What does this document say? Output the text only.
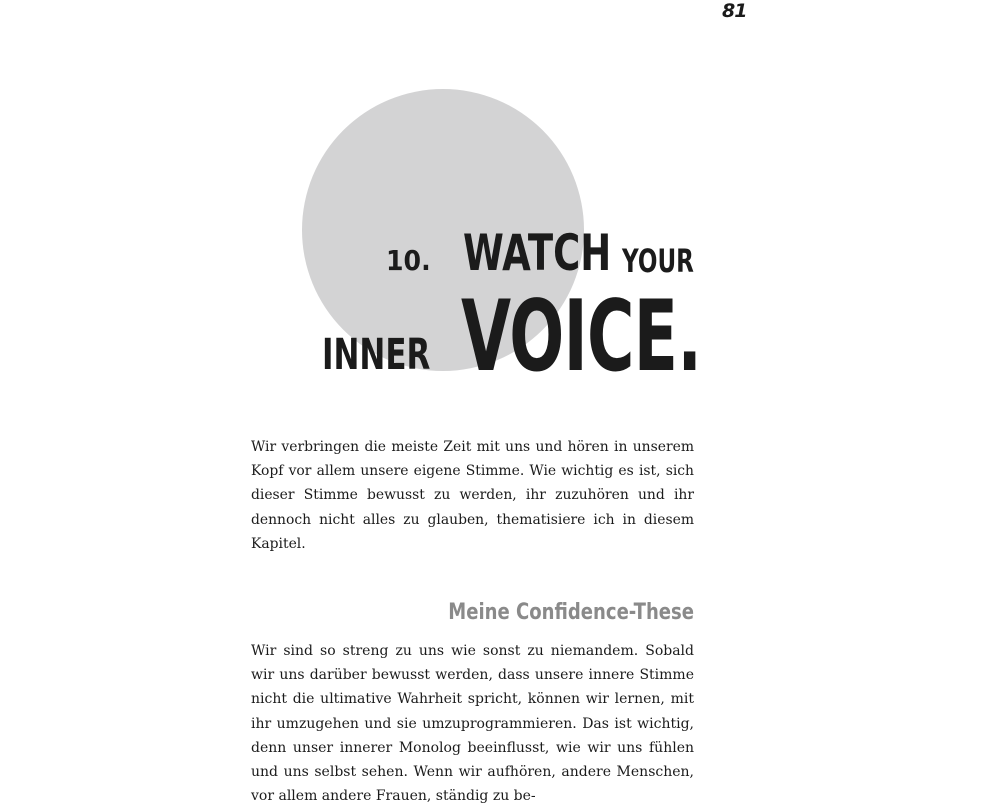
81
10. WATCH YOUR
INNER VOICE.

Wir verbringen die meiste Zeit mit uns und hören in unserem Kopf vor allem unsere eigene Stimme. Wie wichtig es ist, sich dieser Stimme bewusst zu werden, ihr zuzuhören und ihr dennoch nicht alles zu glauben, thematisiere ich in diesem Kapitel.

Meine Confidence-These

Wir sind so streng zu uns wie sonst zu niemandem. Sobald wir uns darüber bewusst werden, dass unsere innere Stimme nicht die ultimative Wahrheit spricht, können wir lernen, mit ihr umzugehen und sie umzuprogrammieren. Das ist wichtig, denn unser innerer Monolog beeinflusst, wie wir uns fühlen und uns selbst sehen. Wenn wir aufhören, andere Menschen, vor allem andere Frauen, ständig zu be-
